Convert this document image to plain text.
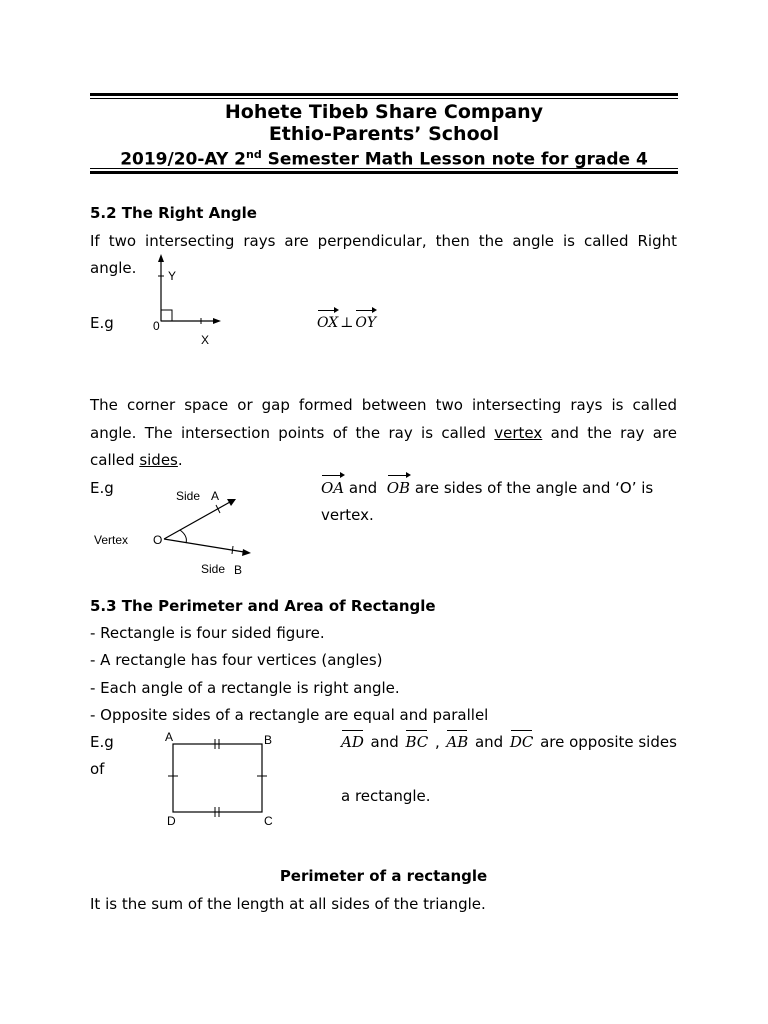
Hohete Tibeb Share Company
Ethio-Parents’ School
2019/20-AY 2nd Semester Math Lesson note for grade 4
5.2 The Right Angle
If two intersecting rays are perpendicular, then the angle is called Right
angle.
E.g
Y
0
X
OX ⊥ OY
The corner space or gap formed between two intersecting rays is called
angle. The intersection points of the ray is called vertex and the ray are
called sides.
E.g	Side A
Vertex O
Side B
OA and OB are sides of the angle and ‘O’ is
vertex.
5.3 The Perimeter and Area of Rectangle
- Rectangle is four sided figure.
- A rectangle has four vertices (angles)
- Each angle of a rectangle is right angle.
- Opposite sides of a rectangle are equal and parallel
E.g
of
A	B
D	C
AD and BC , AB and DC are opposite sides
a rectangle.
Perimeter of a rectangle
It is the sum of the length at all sides of the triangle.
